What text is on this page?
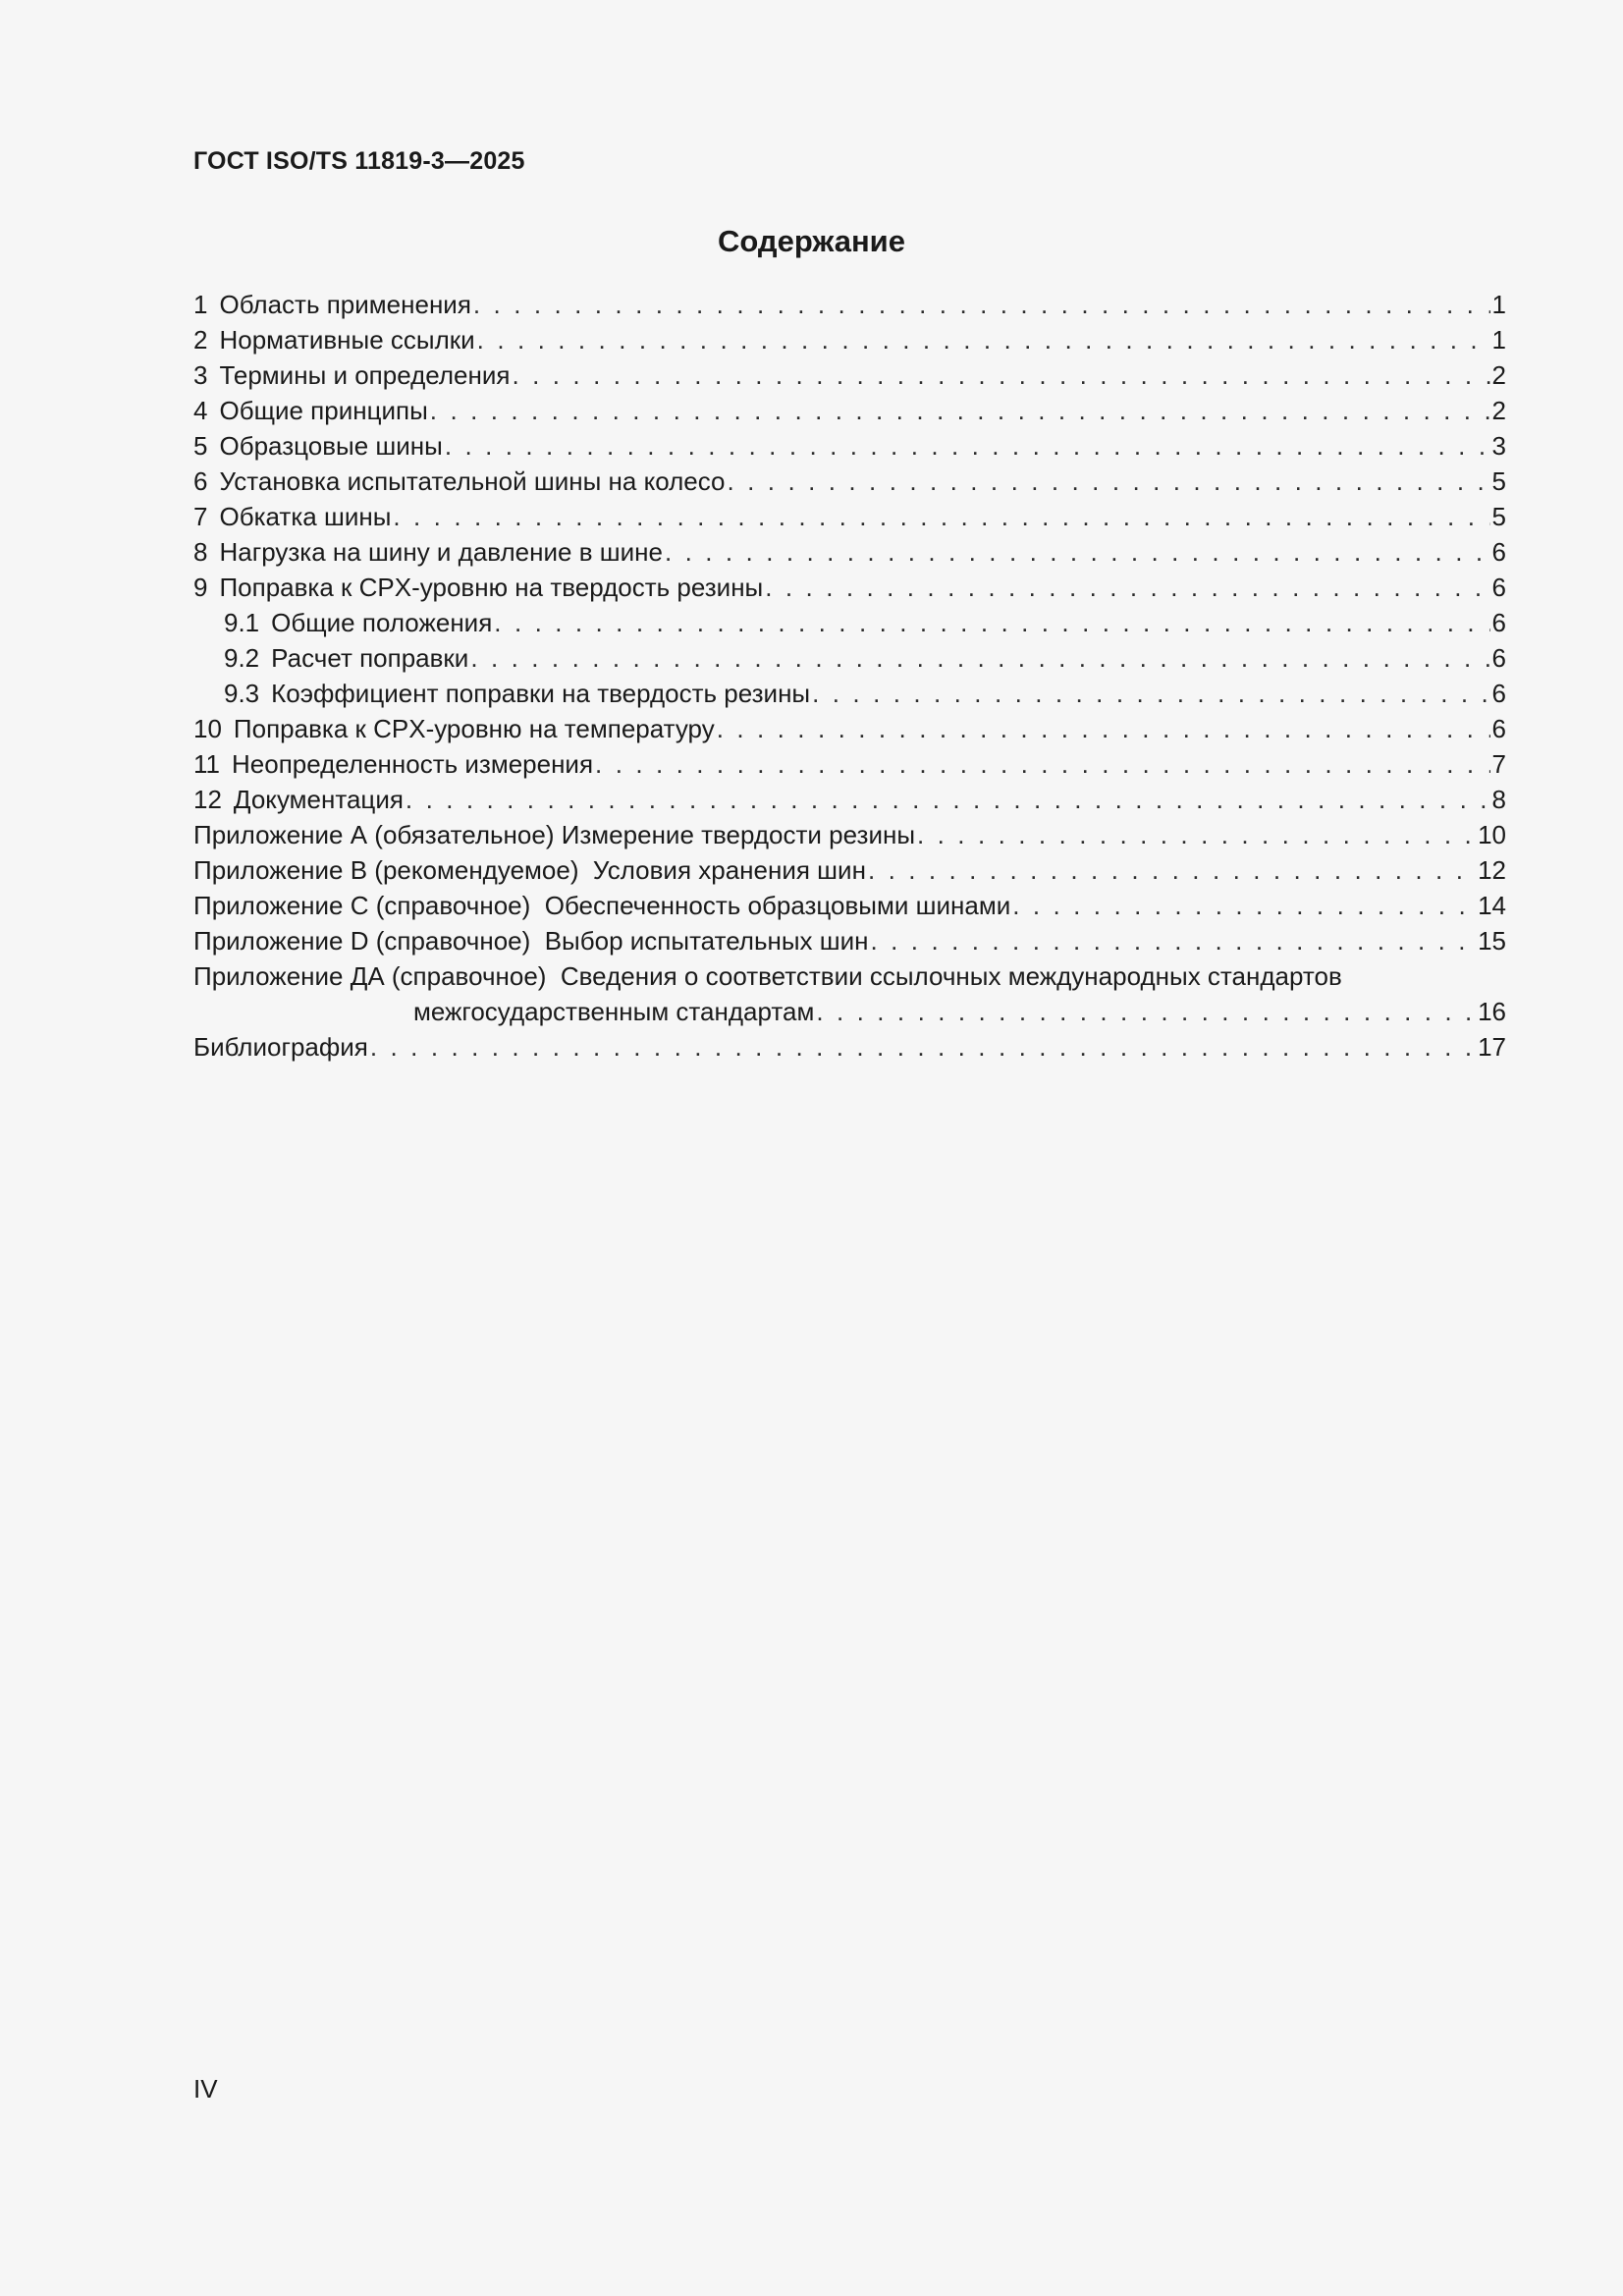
ГОСТ ISO/TS 11819-3—2025
Содержание
1 Область применения . . .	1
2 Нормативные ссылки . . .	1
3 Термины и определения . . .	2
4 Общие принципы . . .	2
5 Образцовые шины . . .	3
6 Установка испытательной шины на колесо . . .	5
7 Обкатка шины . . .	5
8 Нагрузка на шину и давление в шине . . .	6
9 Поправка к CPX-уровню на твердость резины . . .	6
9.1 Общие положения . . .	6
9.2 Расчет поправки . . .	6
9.3 Коэффициент поправки на твердость резины . . .	6
10 Поправка к CPX-уровню на температуру . . .	6
11 Неопределенность измерения . . .	7
12 Документация . . .	8
Приложение А (обязательное) Измерение твердости резины . . .	10
Приложение В (рекомендуемое)  Условия хранения шин . . .	12
Приложение С (справочное)  Обеспеченность образцовыми шинами . . .	14
Приложение D (справочное)  Выбор испытательных шин . . .	15
Приложение ДА (справочное)  Сведения о соответствии ссылочных международных стандартов
межгосударственным стандартам . . .	16
Библиография . . .	17
IV
